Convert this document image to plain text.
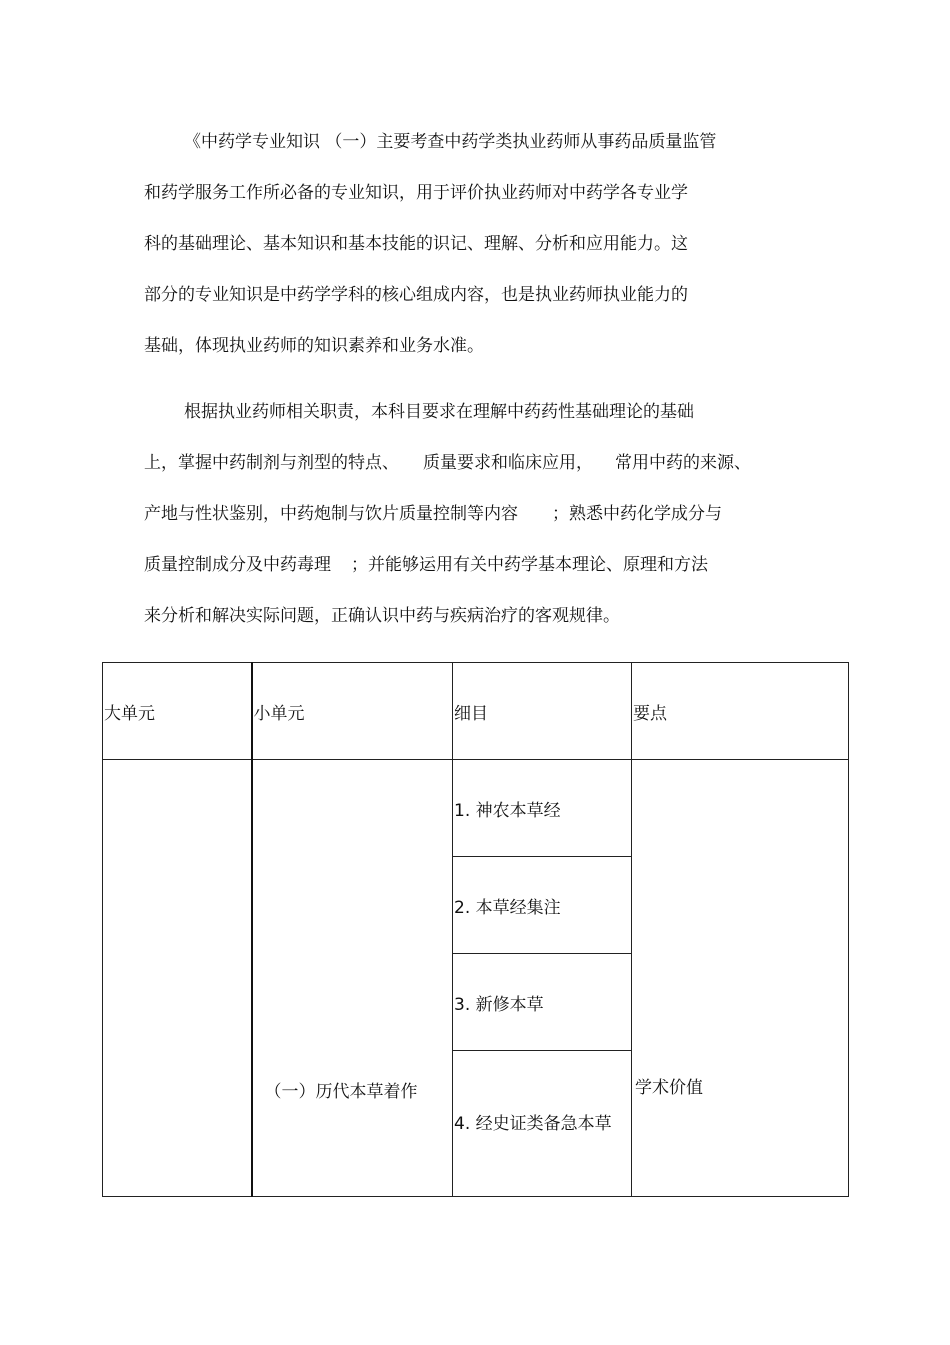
《中药学专业知识 （一）主要考查中药学类执业药师从事药品质量监管
和药学服务工作所必备的专业知识，用于评价执业药师对中药学各专业学
科的基础理论、基本知识和基本技能的识记、理解、分析和应用能力。这
部分的专业知识是中药学学科的核心组成内容，也是执业药师执业能力的
基础，体现执业药师的知识素养和业务水准。
根据执业药师相关职责，本科目要求在理解中药药性基础理论的基础
上，掌握中药制剂与剂型的特点、 质量要求和临床应用， 常用中药的来源、
产地与性状鉴别，中药炮制与饮片质量控制等内容 ；熟悉中药化学成分与
质量控制成分及中药毒理 ；并能够运用有关中药学基本理论、原理和方法
来分析和解决实际问题，正确认识中药与疾病治疗的客观规律。
大单元	小单元	细目	要点
	（一）历代本草着作	1. 神农本草经	学术价值
		2. 本草经集注	
		3. 新修本草	
		4. 经史证类备急本草	
